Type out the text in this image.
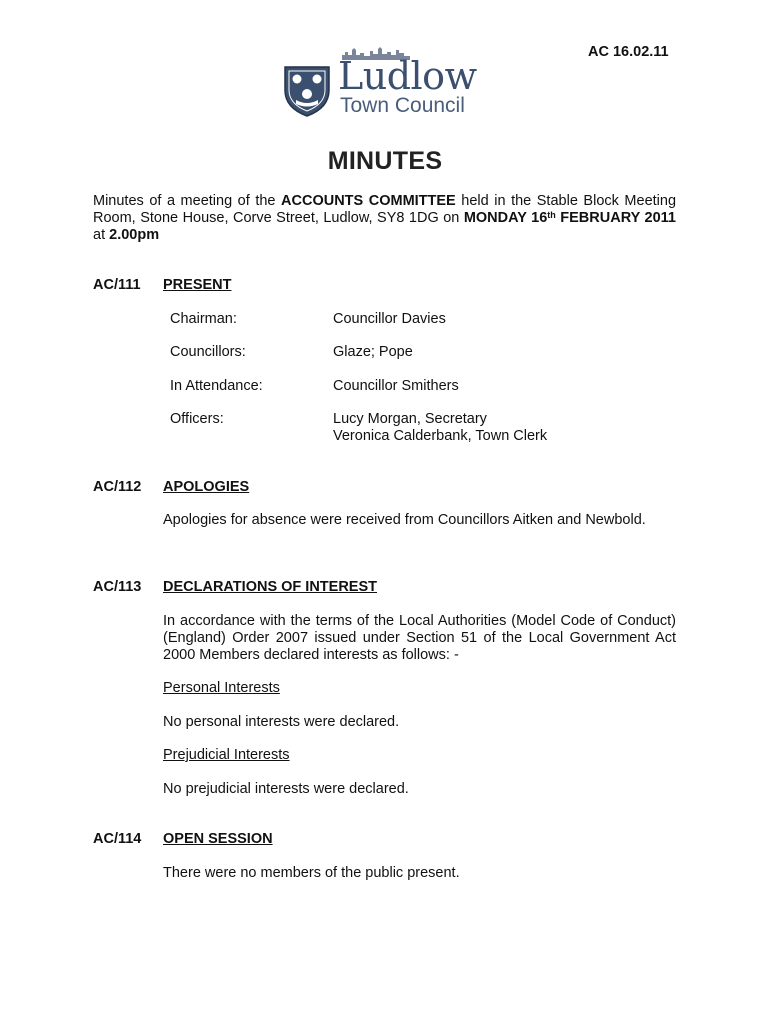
AC 16.02.11
Ludlow
Town Council
MINUTES
Minutes of a meeting of the ACCOUNTS COMMITTEE held in the Stable Block Meeting Room, Stone House, Corve Street, Ludlow, SY8 1DG on MONDAY 16th FEBRUARY 2011 at 2.00pm
AC/111 PRESENT
Chairman:	Councillor Davies
Councillors:	Glaze; Pope
In Attendance:	Councillor Smithers
Officers:	Lucy Morgan, Secretary
Veronica Calderbank, Town Clerk
AC/112 APOLOGIES
Apologies for absence were received from Councillors Aitken and Newbold.
AC/113 DECLARATIONS OF INTEREST
In accordance with the terms of the Local Authorities (Model Code of Conduct) (England) Order 2007 issued under Section 51 of the Local Government Act 2000 Members declared interests as follows: -
Personal Interests
No personal interests were declared.
Prejudicial Interests
No prejudicial interests were declared.
AC/114 OPEN SESSION
There were no members of the public present.
